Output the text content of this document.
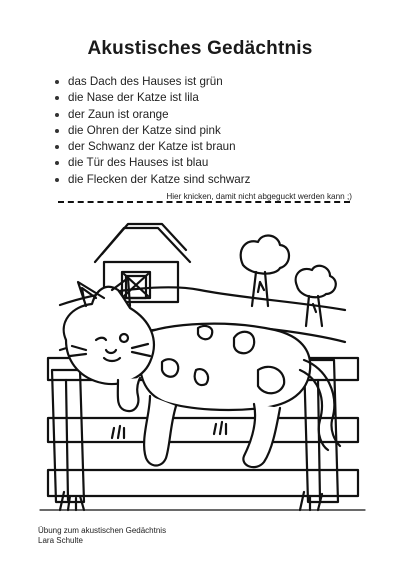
Akustisches Gedächtnis
das Dach des Hauses ist grün
die Nase der Katze ist lila
der Zaun ist orange
die Ohren der Katze sind pink
der Schwanz der Katze ist braun
die Tür des Hauses ist blau
die Flecken der Katze sind schwarz
Hier knicken, damit nicht abgeguckt werden kann ;)
Übung zum akustischen Gedächtnis
Lara Schulte
